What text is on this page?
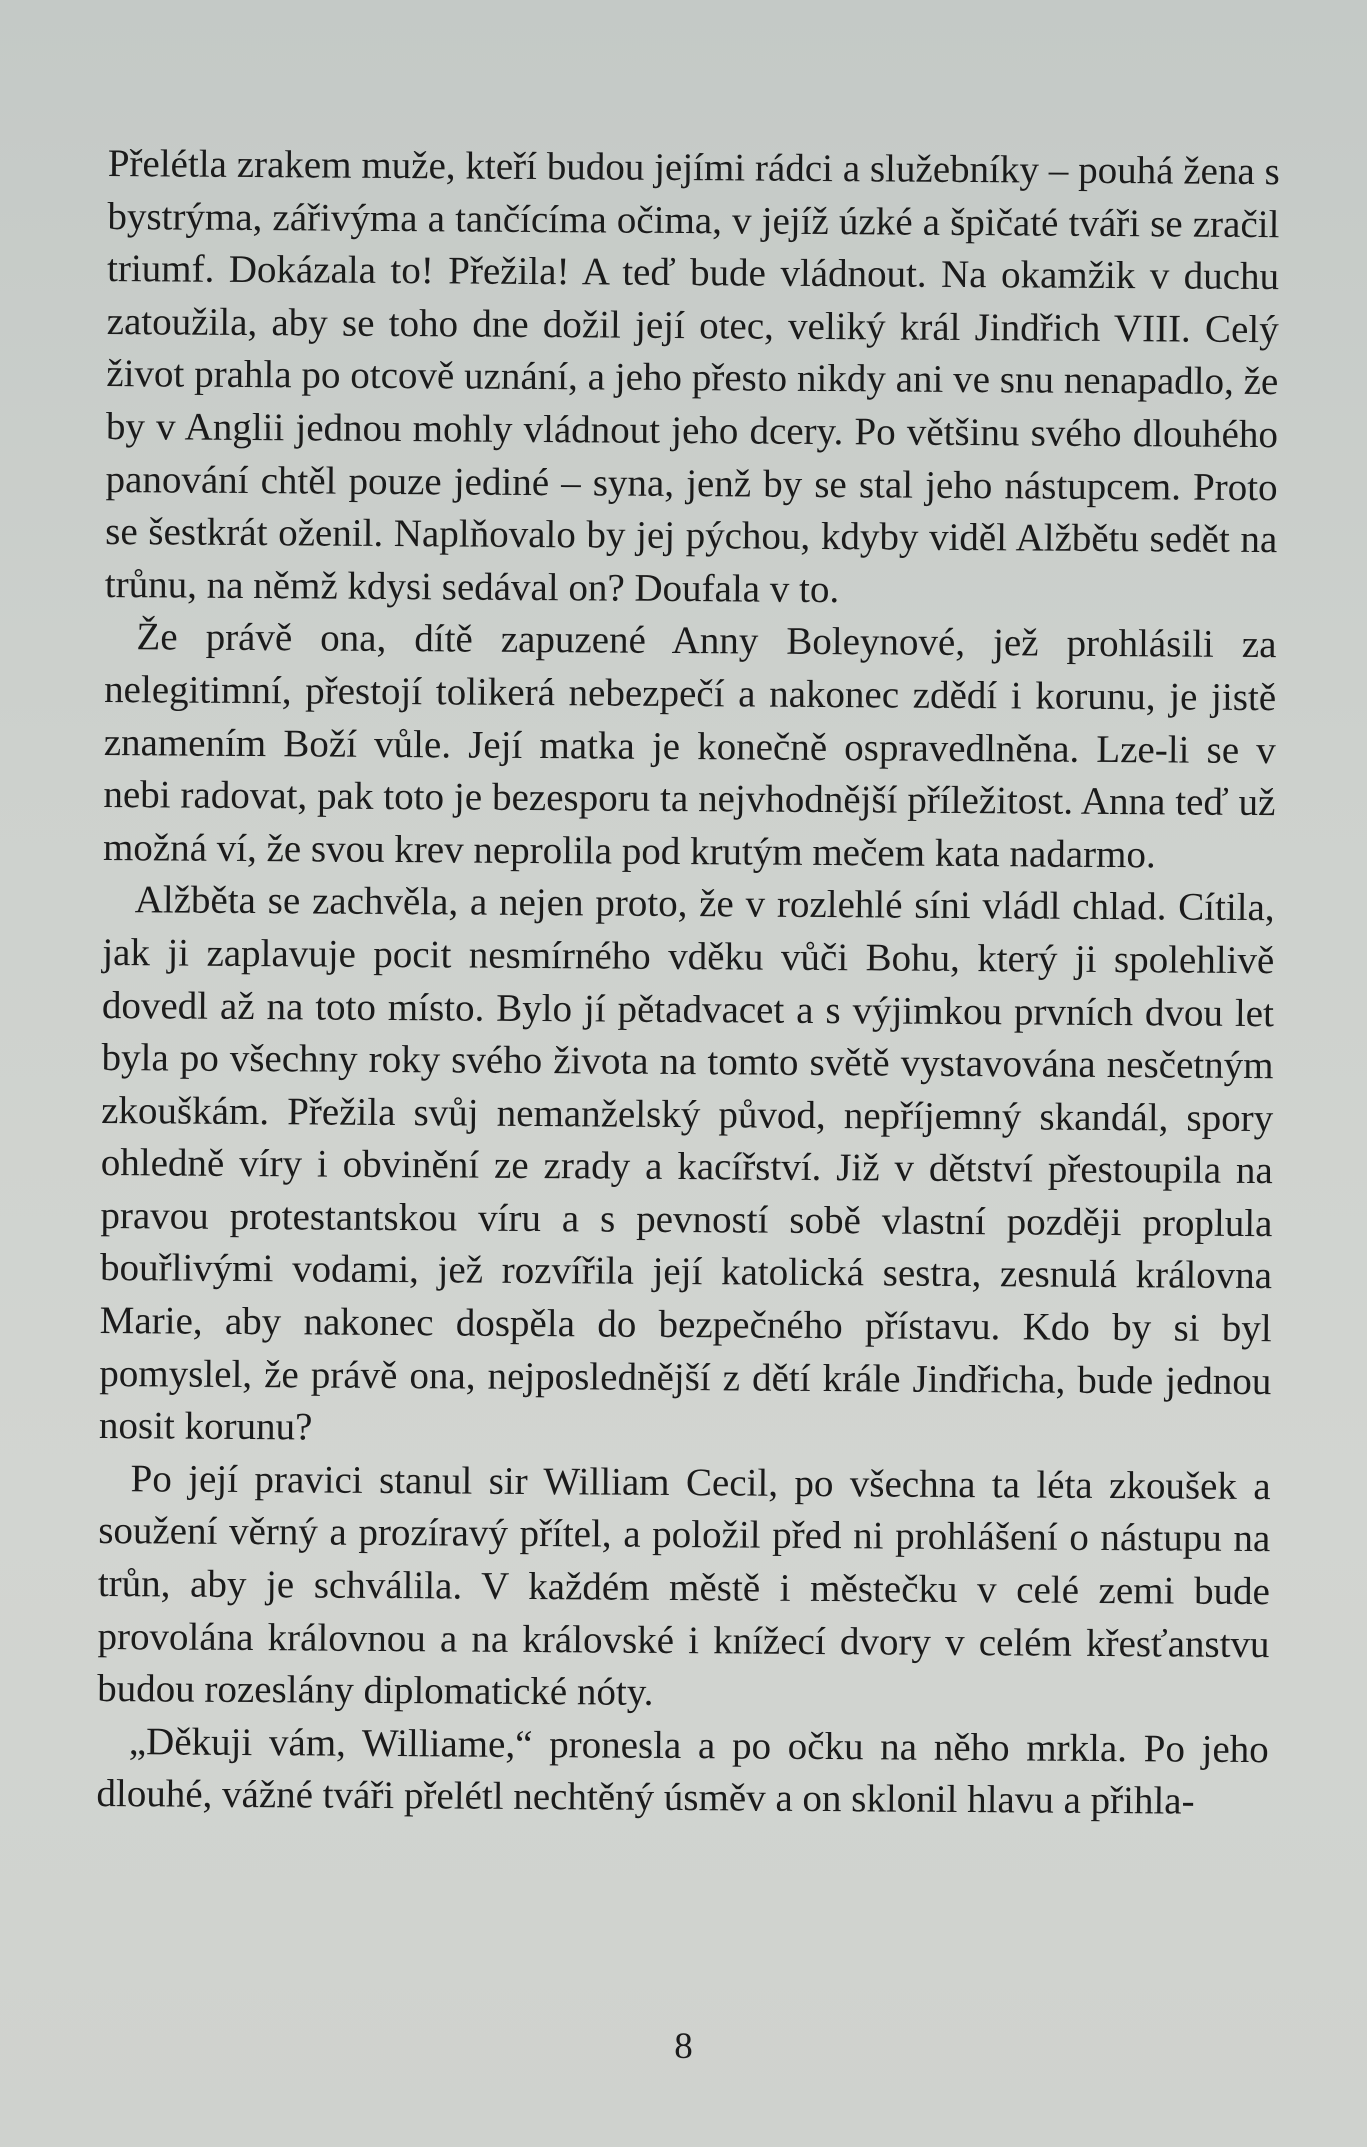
Přelétla zrakem muže, kteří budou jejími rádci a služebníky – pouhá žena s bystrýma, zářivýma a tančícíma očima, v jejíž úzké a špičaté tváři se zračil triumf. Dokázala to! Přežila! A teď bude vládnout. Na okamžik v duchu zatoužila, aby se toho dne dožil její otec, veliký král Jindřich VIII. Celý život prahla po otcově uznání, a jeho přesto nikdy ani ve snu nenapadlo, že by v Anglii jednou mohly vládnout jeho dcery. Po většinu svého dlouhého panování chtěl pouze jediné – syna, jenž by se stal jeho nástupcem. Proto se šestkrát oženil. Naplňovalo by jej pýchou, kdyby viděl Alžbětu sedět na trůnu, na němž kdysi sedával on? Doufala v to.

Že právě ona, dítě zapuzené Anny Boleynové, jež prohlásili za nelegitimní, přestojí tolikerá nebezpečí a nakonec zdědí i korunu, je jistě znamením Boží vůle. Její matka je konečně ospravedlněna. Lze-li se v nebi radovat, pak toto je bezesporu ta nejvhodnější příležitost. Anna teď už možná ví, že svou krev neprolila pod krutým mečem kata nadarmo.

Alžběta se zachvěla, a nejen proto, že v rozlehlé síni vládl chlad. Cítila, jak ji zaplavuje pocit nesmírného vděku vůči Bohu, který ji spolehlivě dovedl až na toto místo. Bylo jí pětadvacet a s výjimkou prvních dvou let byla po všechny roky svého života na tomto světě vystavována nesčetným zkouškám. Přežila svůj nemanželský původ, nepříjemný skandál, spory ohledně víry i obvinění ze zrady a kacířství. Již v dětství přestoupila na pravou protestantskou víru a s pevností sobě vlastní později proplula bouřlivými vodami, jež rozvířila její katolická sestra, zesnulá královna Marie, aby nakonec dospěla do bezpečného přístavu. Kdo by si byl pomyslel, že právě ona, nejposlednější z dětí krále Jindřicha, bude jednou nosit korunu?

Po její pravici stanul sir William Cecil, po všechna ta léta zkoušek a soužení věrný a prozíravý přítel, a položil před ni prohlášení o nástupu na trůn, aby je schválila. V každém městě i městečku v celé zemi bude provolána královnou a na královské i knížecí dvory v celém křesťanstvu budou rozeslány diplomatické nóty.

„Děkuji vám, Williame,“ pronesla a po očku na něho mrkla. Po jeho dlouhé, vážné tváři přelétl nechtěný úsměv a on sklonil hlavu a přihla-

8
